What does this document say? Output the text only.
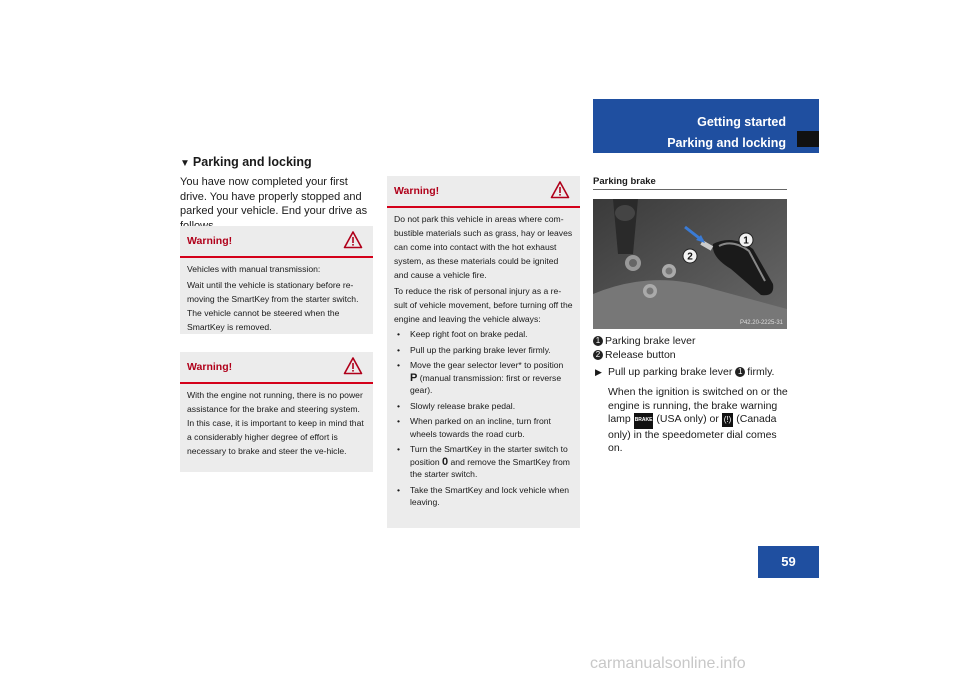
Getting started
Parking and locking
▼ Parking and locking
You have now completed your first drive. You have properly stopped and parked your vehicle. End your drive as
Warning!

Vehicles with manual transmission:

Wait until the vehicle is stationary before re-moving the SmartKey from the starter switch. The vehicle cannot be steered when the SmartKey is removed.

Warning!

With the engine not running, there is no power assistance for the brake and steering system. In this case, it is important to keep in mind that a considerably higher degree of effort is necessary to brake and steer the ve-hicle.

Warning!

Do not park this vehicle in areas where com-bustible materials such as grass, hay or leaves can come into contact with the hot exhaust system, as these materials could be ignited and cause a vehicle fire.

To reduce the risk of personal injury as a re-sult of vehicle movement, before turning off the engine and leaving the vehicle always:

• Keep right foot on brake pedal.
• Pull up the parking brake lever firmly.
• Move the gear selector lever* to position P (manual transmission: first or reverse gear).
• Slowly release brake pedal.
• When parked on an incline, turn front wheels towards the road curb.
• Turn the SmartKey in the starter switch to position 0 and remove the SmartKey from the starter switch.
• Take the SmartKey and lock vehicle when leaving.
Parking brake
1
2
P42.20-2225-31
1 Parking brake lever
2 Release button
▶ Pull up parking brake lever 1 firmly.
When the ignition is switched on or the engine is running, the brake warning lamp BRAKE (USA only) or (!) (Canada only) in the speedometer dial comes on.
59
carmanualsonline.info
